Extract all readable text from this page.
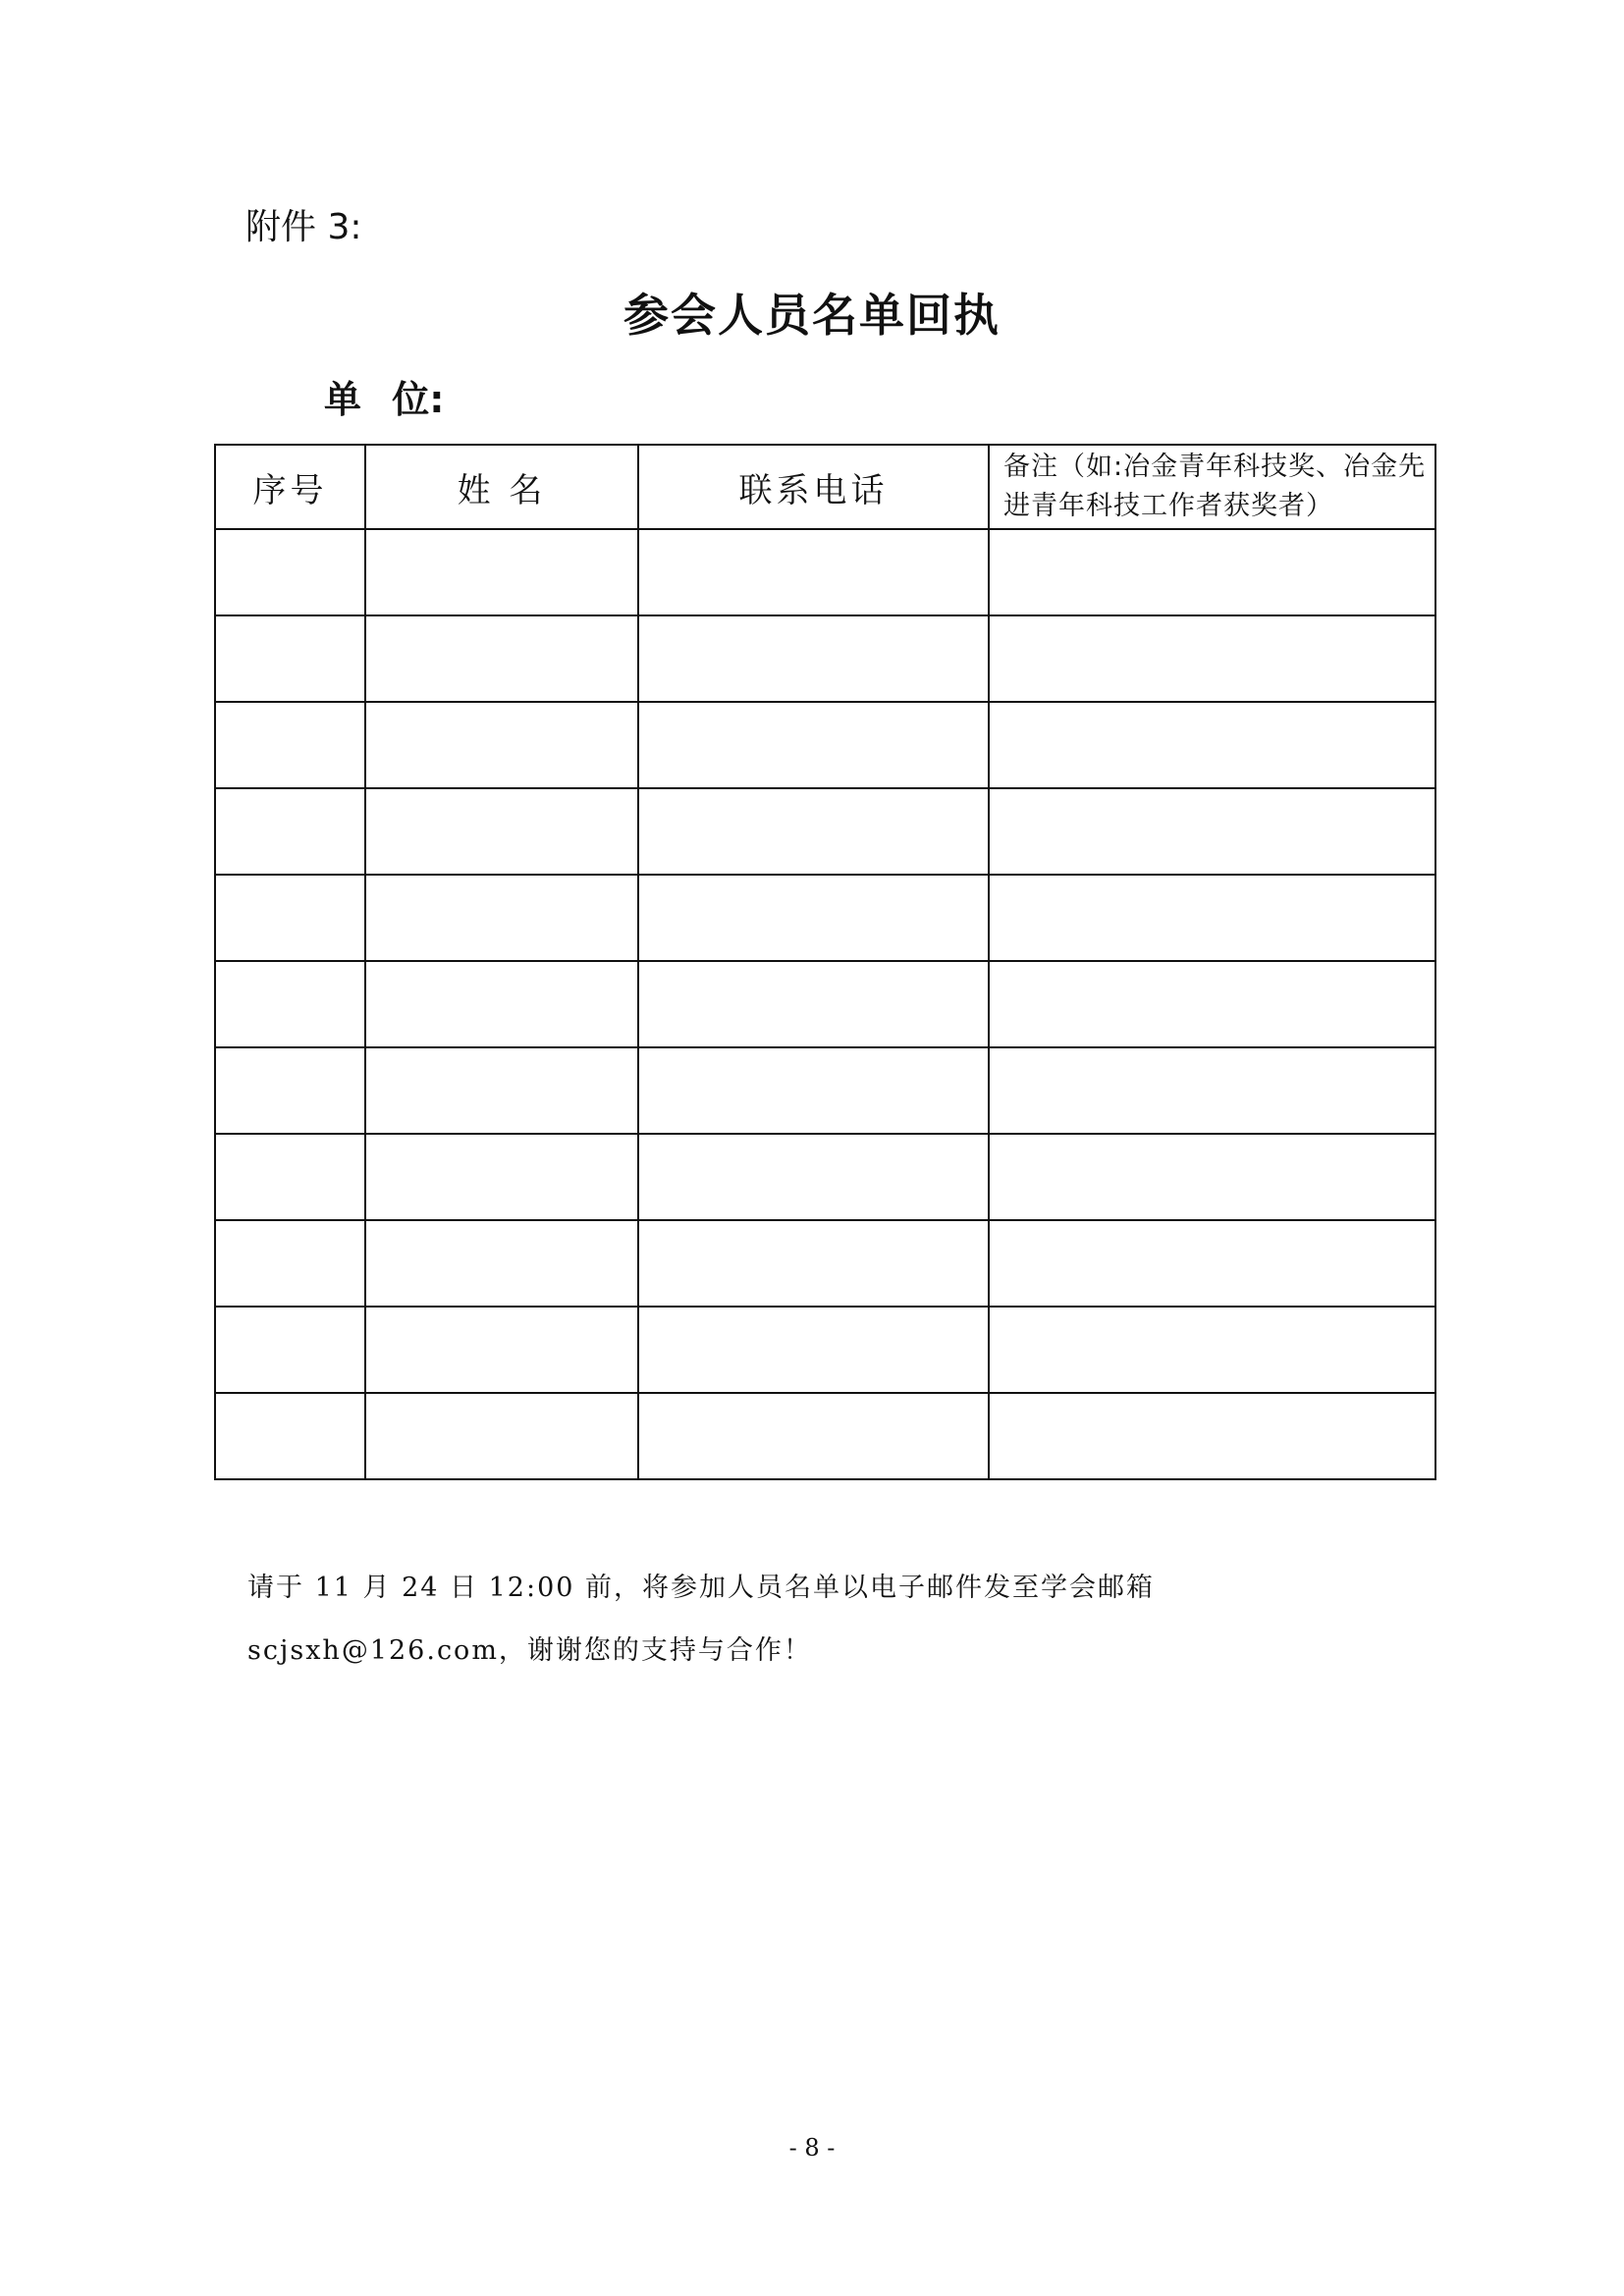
附件 3:
参会人员名单回执
单 位:
序号	姓 名	联系电话	备注（如:冶金青年科技奖、冶金先进青年科技工作者获奖者）

请于 11 月 24 日 12:00 前，将参加人员名单以电子邮件发至学会邮箱 scjsxh@126.com，谢谢您的支持与合作！
- 8 -
